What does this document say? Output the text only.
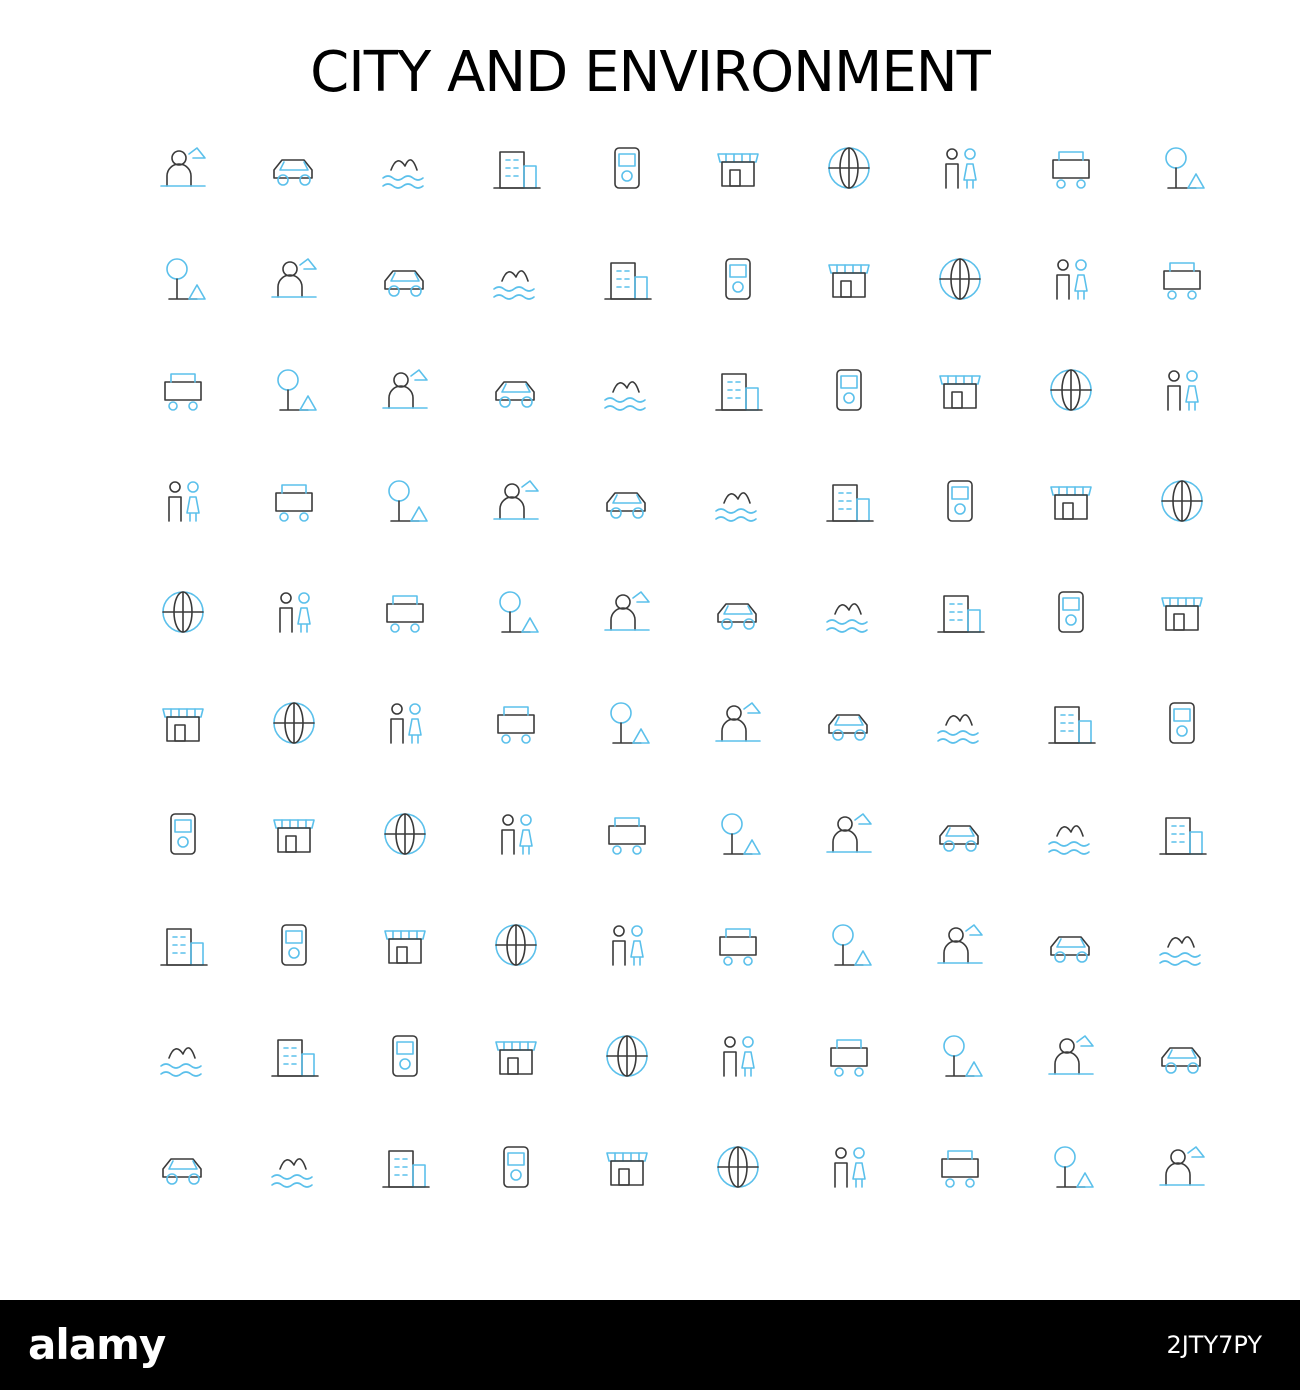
CITY AND ENVIRONMENT
alamy	2JTY7PY
